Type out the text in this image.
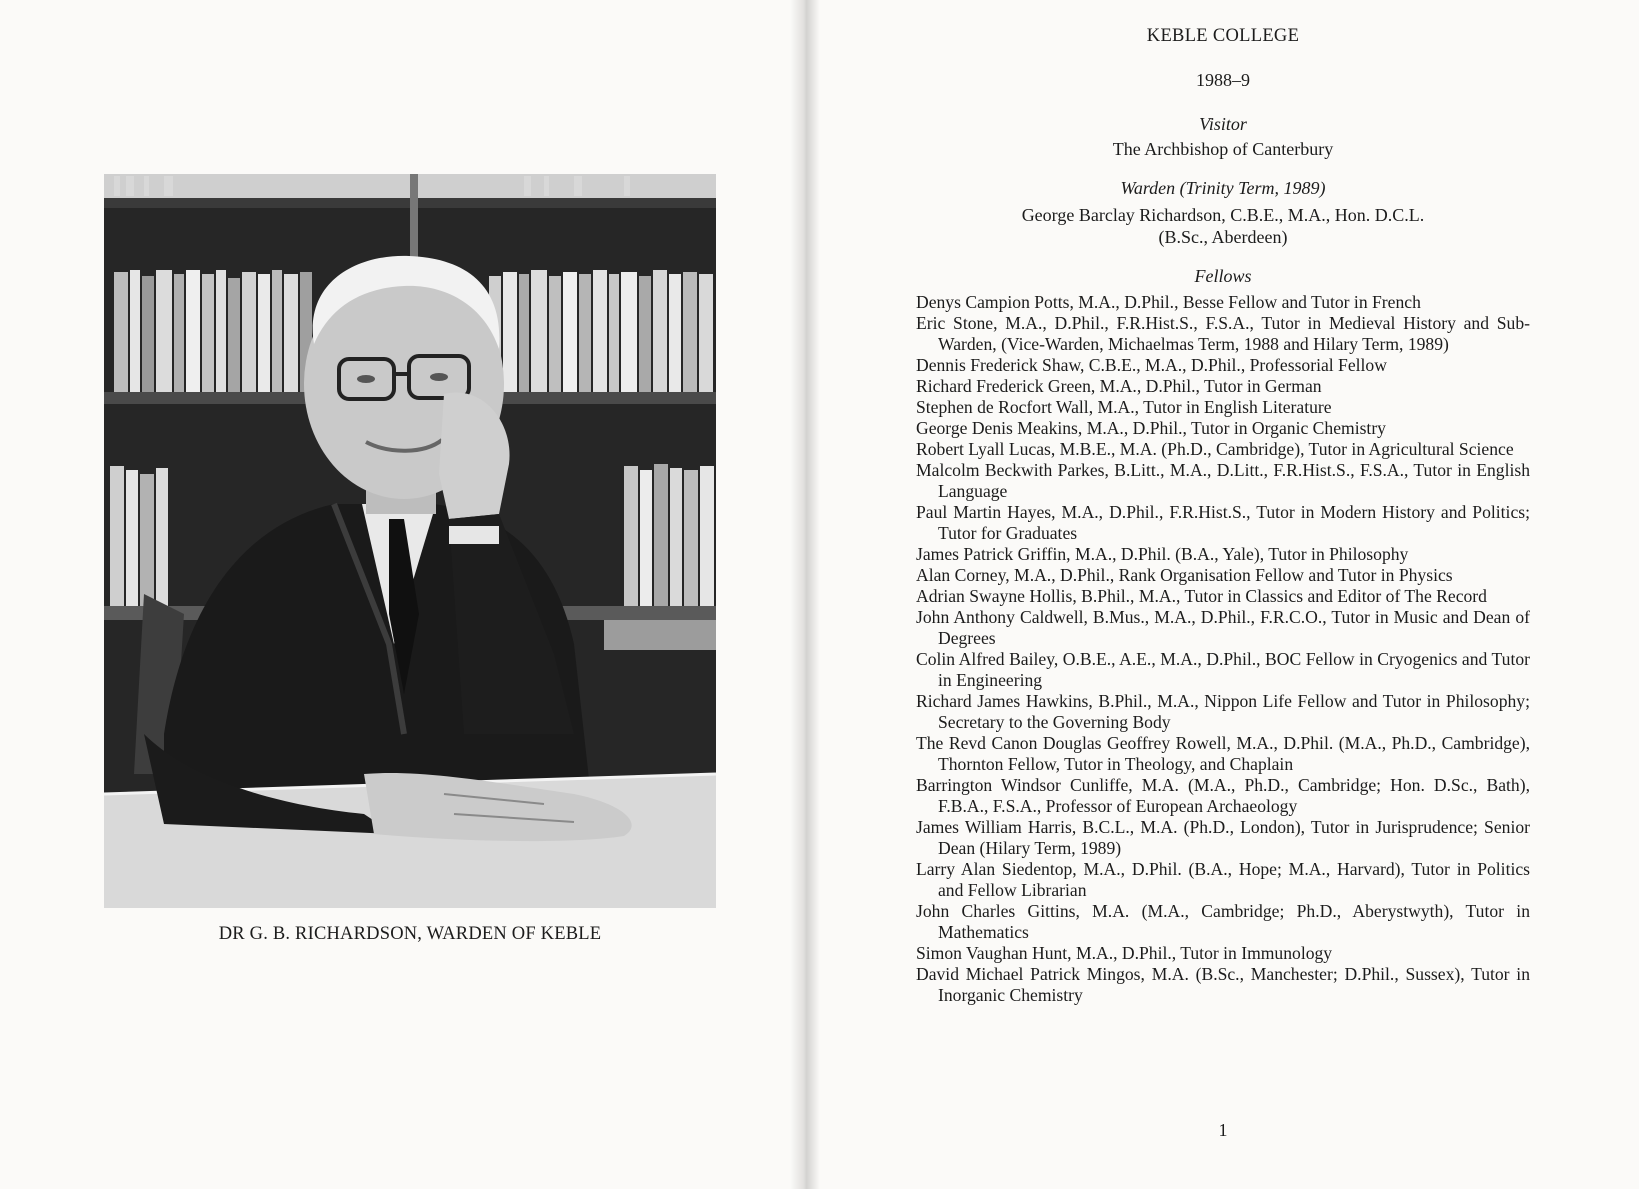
DR G. B. RICHARDSON, WARDEN OF KEBLE
KEBLE COLLEGE
1988–9
Visitor
The Archbishop of Canterbury
Warden (Trinity Term, 1989)
George Barclay Richardson, C.B.E., M.A., Hon. D.C.L.
(B.Sc., Aberdeen)
Fellows
Denys Campion Potts, M.A., D.Phil., Besse Fellow and Tutor in French
Eric Stone, M.A., D.Phil., F.R.Hist.S., F.S.A., Tutor in Medieval History and Sub-Warden, (Vice-Warden, Michaelmas Term, 1988 and Hilary Term, 1989)
Dennis Frederick Shaw, C.B.E., M.A., D.Phil., Professorial Fellow
Richard Frederick Green, M.A., D.Phil., Tutor in German
Stephen de Rocfort Wall, M.A., Tutor in English Literature
George Denis Meakins, M.A., D.Phil., Tutor in Organic Chemistry
Robert Lyall Lucas, M.B.E., M.A. (Ph.D., Cambridge), Tutor in Agricultural Science
Malcolm Beckwith Parkes, B.Litt., M.A., D.Litt., F.R.Hist.S., F.S.A., Tutor in English Language
Paul Martin Hayes, M.A., D.Phil., F.R.Hist.S., Tutor in Modern History and Politics; Tutor for Graduates
James Patrick Griffin, M.A., D.Phil. (B.A., Yale), Tutor in Philosophy
Alan Corney, M.A., D.Phil., Rank Organisation Fellow and Tutor in Physics
Adrian Swayne Hollis, B.Phil., M.A., Tutor in Classics and Editor of The Record
John Anthony Caldwell, B.Mus., M.A., D.Phil., F.R.C.O., Tutor in Music and Dean of Degrees
Colin Alfred Bailey, O.B.E., A.E., M.A., D.Phil., BOC Fellow in Cryogenics and Tutor in Engineering
Richard James Hawkins, B.Phil., M.A., Nippon Life Fellow and Tutor in Philosophy; Secretary to the Governing Body
The Revd Canon Douglas Geoffrey Rowell, M.A., D.Phil. (M.A., Ph.D., Cambridge), Thornton Fellow, Tutor in Theology, and Chaplain
Barrington Windsor Cunliffe, M.A. (M.A., Ph.D., Cambridge; Hon. D.Sc., Bath), F.B.A., F.S.A., Professor of European Archaeology
James William Harris, B.C.L., M.A. (Ph.D., London), Tutor in Jurisprudence; Senior Dean (Hilary Term, 1989)
Larry Alan Siedentop, M.A., D.Phil. (B.A., Hope; M.A., Harvard), Tutor in Politics and Fellow Librarian
John Charles Gittins, M.A. (M.A., Cambridge; Ph.D., Aberystwyth), Tutor in Mathematics
Simon Vaughan Hunt, M.A., D.Phil., Tutor in Immunology
David Michael Patrick Mingos, M.A. (B.Sc., Manchester; D.Phil., Sussex), Tutor in Inorganic Chemistry
1
